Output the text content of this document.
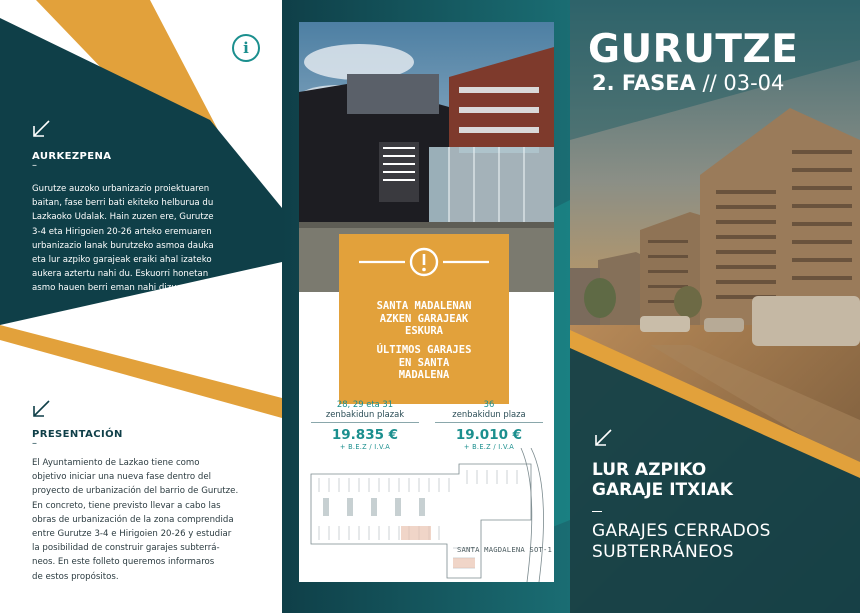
i
AURKEZPENA
–
Gurutze auzoko urbanizazio proiektuaren
baitan, fase berri bati ekiteko helburua du
Lazkaoko Udalak. Hain zuzen ere, Gurutze
3-4 eta Hirigoien 20-26 arteko eremuaren
urbanizazio lanak burutzeko asmoa dauka
eta lur azpiko garajeak eraiki ahal izateko
aukera aztertu nahi du. Eskuorri honetan
asmo hauen berri eman nahi dizuegu.
PRESENTACIÓN
–
El Ayuntamiento de Lazkao tiene como
objetivo iniciar una nueva fase dentro del
proyecto de urbanización del barrio de Gurutze.
En concreto, tiene previsto llevar a cabo las
obras de urbanización de la zona comprendida
entre Gurutze 3-4 e Hirigoien 20-26 y estudiar
la posibilidad de construir garajes subterrá-
neos. En este folleto queremos informaros
de estos propósitos.
SANTA MADALENAN
AZKEN GARAJEAK
ESKURA
ÚLTIMOS GARAJES
EN SANTA
MADALENA
28, 29 eta 31
zenbakidun plazak
19.835 €
+ B.E.Z / I.V.A
36
zenbakidun plaza
19.010 €
+ B.E.Z / I.V.A
SANTA MAGDALENA SOT-1
GURUTZE
2. FASEA // 03-04
LUR AZPIKO
GARAJE ITXIAK
GARAJES CERRADOS
SUBTERRÁNEOS
